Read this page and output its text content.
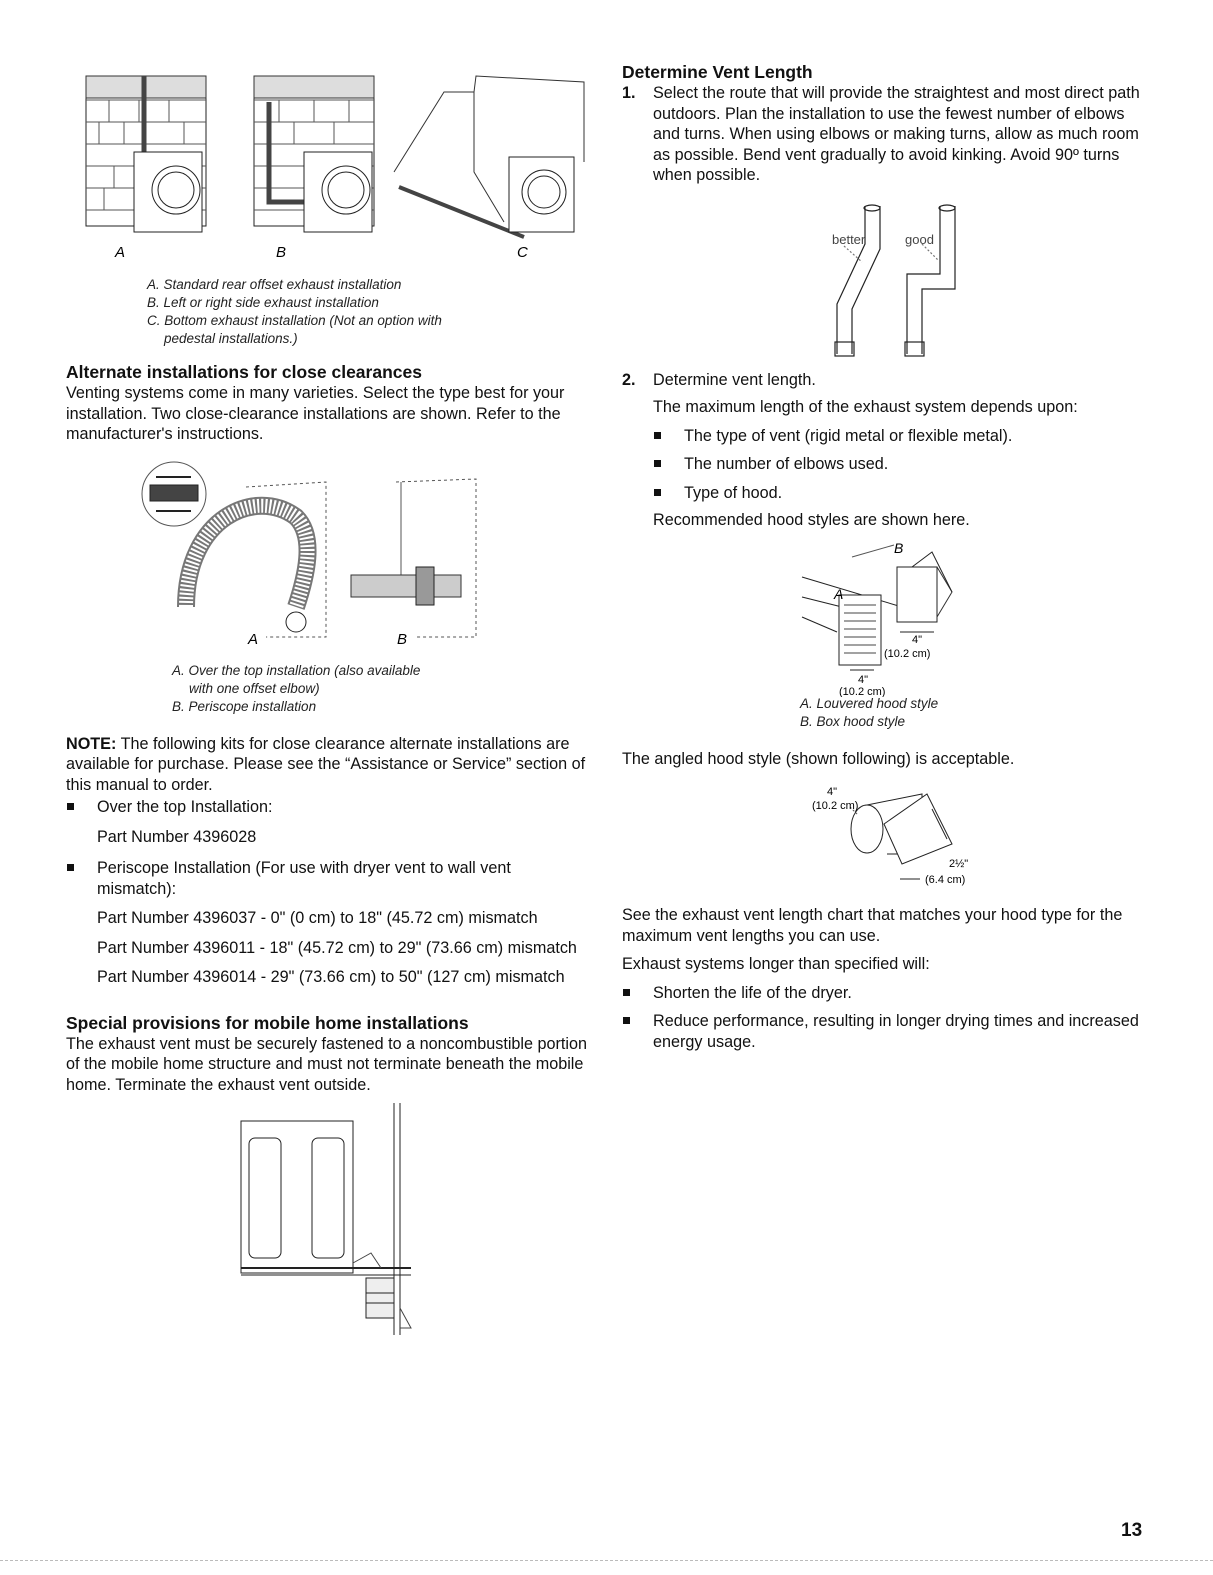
A	B	C
A. Standard rear offset exhaust installation
B. Left or right side exhaust installation
C. Bottom exhaust installation (Not an option with
pedestal installations.)
Alternate installations for close clearances

Venting systems come in many varieties. Select the type best for your installation. Two close-clearance installations are shown. Refer to the manufacturer's instructions.

A	B
A. Over the top installation (also available
with one offset elbow)
B. Periscope installation

NOTE: The following kits for close clearance alternate installations are available for purchase. Please see the “Assistance or Service” section of this manual to order.

Over the top Installation:
Part Number 4396028
Periscope Installation (For use with dryer vent to wall vent mismatch):
Part Number 4396037 - 0" (0 cm) to 18" (45.72 cm) mismatch
Part Number 4396011 - 18" (45.72 cm) to 29" (73.66 cm) mismatch
Part Number 4396014 - 29" (73.66 cm) to 50" (127 cm) mismatch
Special provisions for mobile home installations

The exhaust vent must be securely fastened to a noncombustible portion of the mobile home structure and must not terminate beneath the mobile home. Terminate the exhaust vent outside.

Determine Vent Length
1. Select the route that will provide the straightest and most direct path outdoors. Plan the installation to use the fewest number of elbows and turns. When using elbows or making turns, allow as much room as possible. Bend vent gradually to avoid kinking. Avoid 90º turns when possible.
better	good
2. Determine vent length.
The maximum length of the exhaust system depends upon:
The type of vent (rigid metal or flexible metal).
The number of elbows used.
Type of hood.
Recommended hood styles are shown here.
B
A
4"
(10.2 cm)
4"
(10.2 cm)
A. Louvered hood style
B. Box hood style

The angled hood style (shown following) is acceptable.

4"
(10.2 cm)
2½"
(6.4 cm)

See the exhaust vent length chart that matches your hood type for the maximum vent lengths you can use.

Exhaust systems longer than specified will:

Shorten the life of the dryer.
Reduce performance, resulting in longer drying times and increased energy usage.
13
